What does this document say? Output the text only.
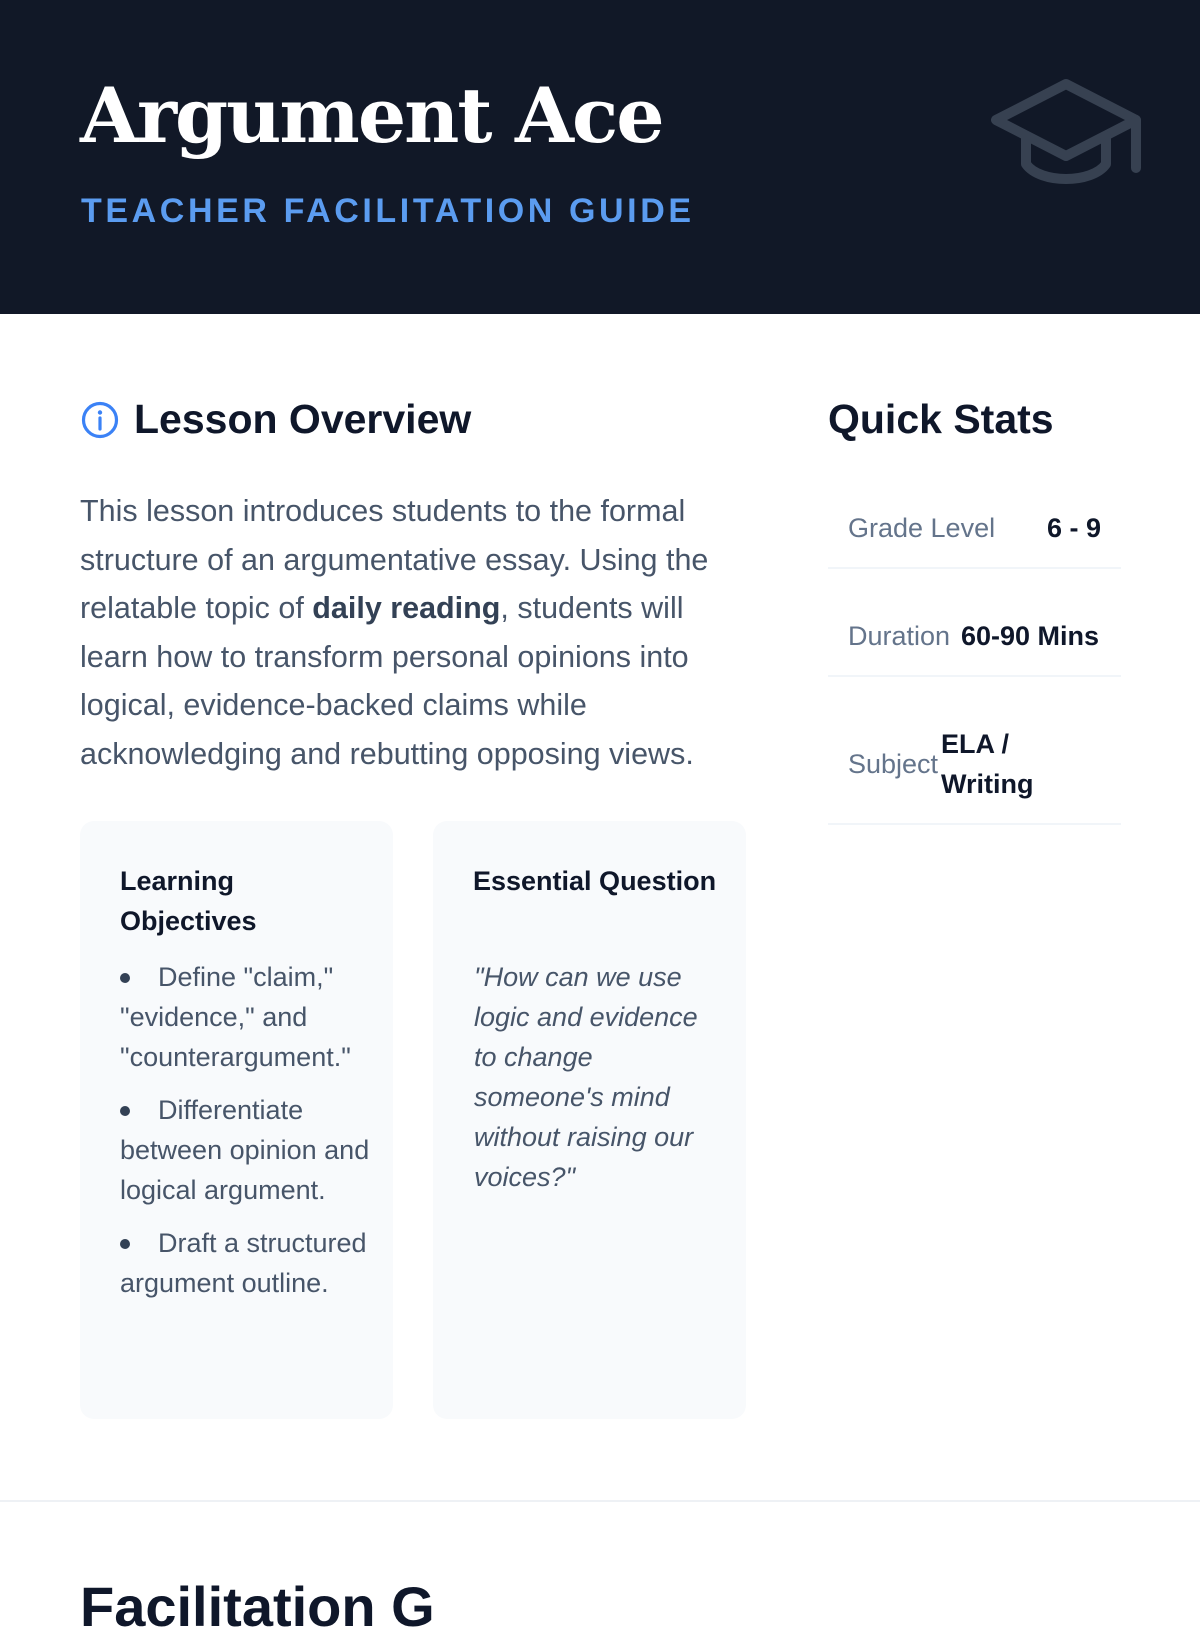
Argument Ace
TEACHER FACILITATION GUIDE
Lesson Overview

This lesson introduces students to the formal structure of an argumentative essay. Using the relatable topic of daily reading, students will learn how to transform personal opinions into logical, evidence-backed claims while acknowledging and rebutting opposing views.

Learning Objectives
Define "claim," "evidence," and "counterargument."
Differentiate between opinion and logical argument.
Draft a structured argument outline.
Essential Question
"How can we use logic and evidence to change someone's mind without raising our voices?"
Quick Stats
Grade Level 6 - 9
Duration 60-90 Mins
Subject
ELA / Writing
Facilitation G
